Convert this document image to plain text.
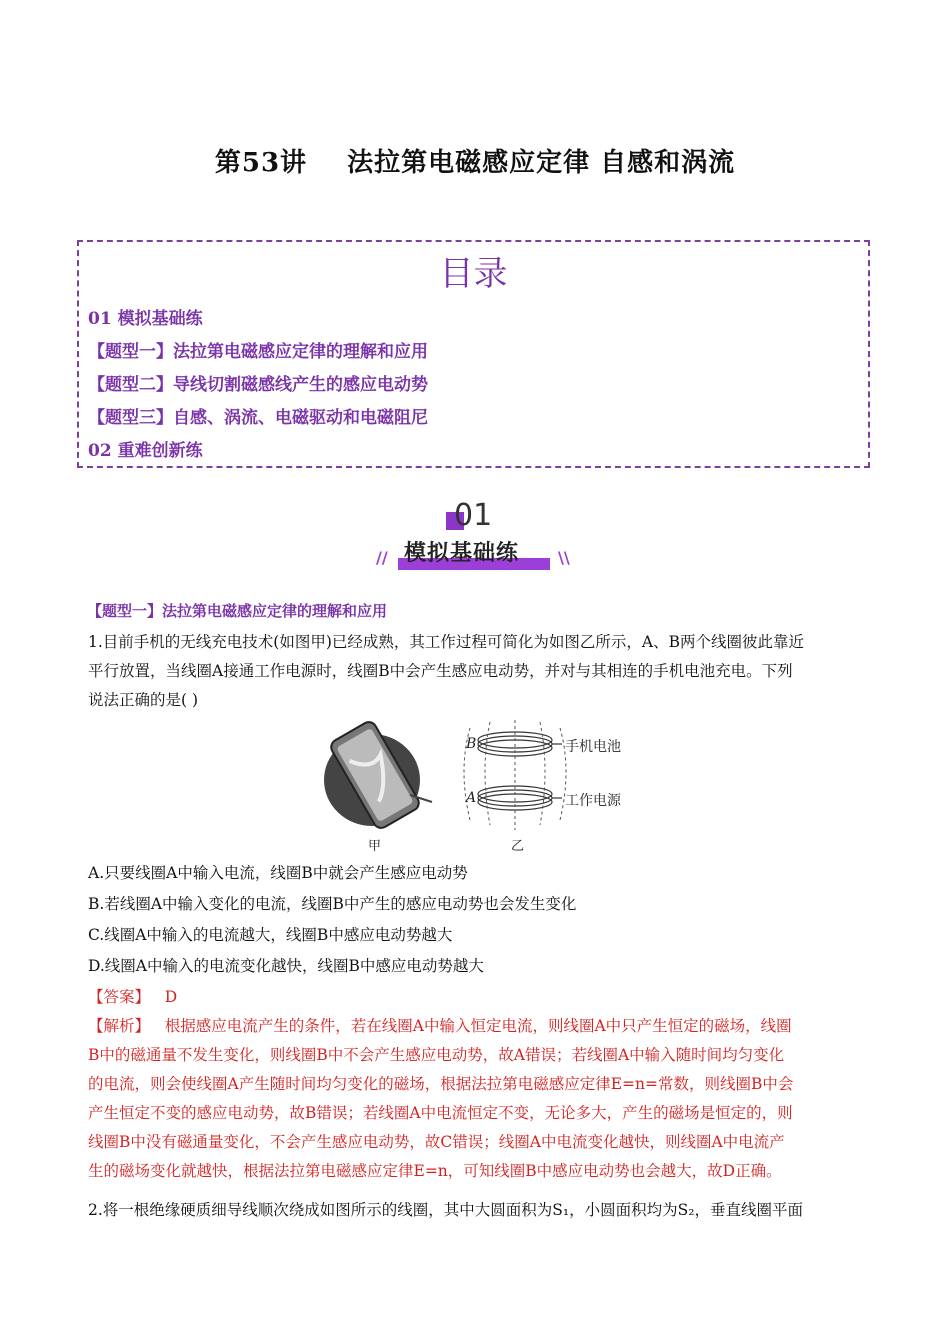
第53讲 法拉第电磁感应定律 自感和涡流
目录
01 模拟基础练
【题型一】法拉第电磁感应定律的理解和应用
【题型二】导线切割磁感线产生的感应电动势
【题型三】自感、涡流、电磁驱动和电磁阻尼
02 重难创新练
01
模拟基础练
//	\\
【题型一】法拉第电磁感应定律的理解和应用
1.目前手机的无线充电技术(如图甲)已经成熟，其工作过程可简化为如图乙所示，A、B两个线圈彼此靠近
平行放置，当线圈A接通工作电源时，线圈B中会产生感应电动势，并对与其相连的手机电池充电。下列
说法正确的是( )
甲	乙
B
A
手机电池
工作电源
A.只要线圈A中输入电流，线圈B中就会产生感应电动势
B.若线圈A中输入变化的电流，线圈B中产生的感应电动势也会发生变化
C.线圈A中输入的电流越大，线圈B中感应电动势越大
D.线圈A中输入的电流变化越快，线圈B中感应电动势越大
【答案】 D
【解析】 根据感应电流产生的条件，若在线圈A中输入恒定电流，则线圈A中只产生恒定的磁场，线圈
B中的磁通量不发生变化，则线圈B中不会产生感应电动势，故A错误；若线圈A中输入随时间均匀变化
的电流，则会使线圈A产生随时间均匀变化的磁场，根据法拉第电磁感应定律E=n=常数，则线圈B中会
产生恒定不变的感应电动势，故B错误；若线圈A中电流恒定不变，无论多大，产生的磁场是恒定的，则
线圈B中没有磁通量变化，不会产生感应电动势，故C错误；线圈A中电流变化越快，则线圈A中电流产
生的磁场变化就越快，根据法拉第电磁感应定律E=n，可知线圈B中感应电动势也会越大，故D正确。
2.将一根绝缘硬质细导线顺次绕成如图所示的线圈，其中大圆面积为S₁，小圆面积均为S₂，垂直线圈平面
